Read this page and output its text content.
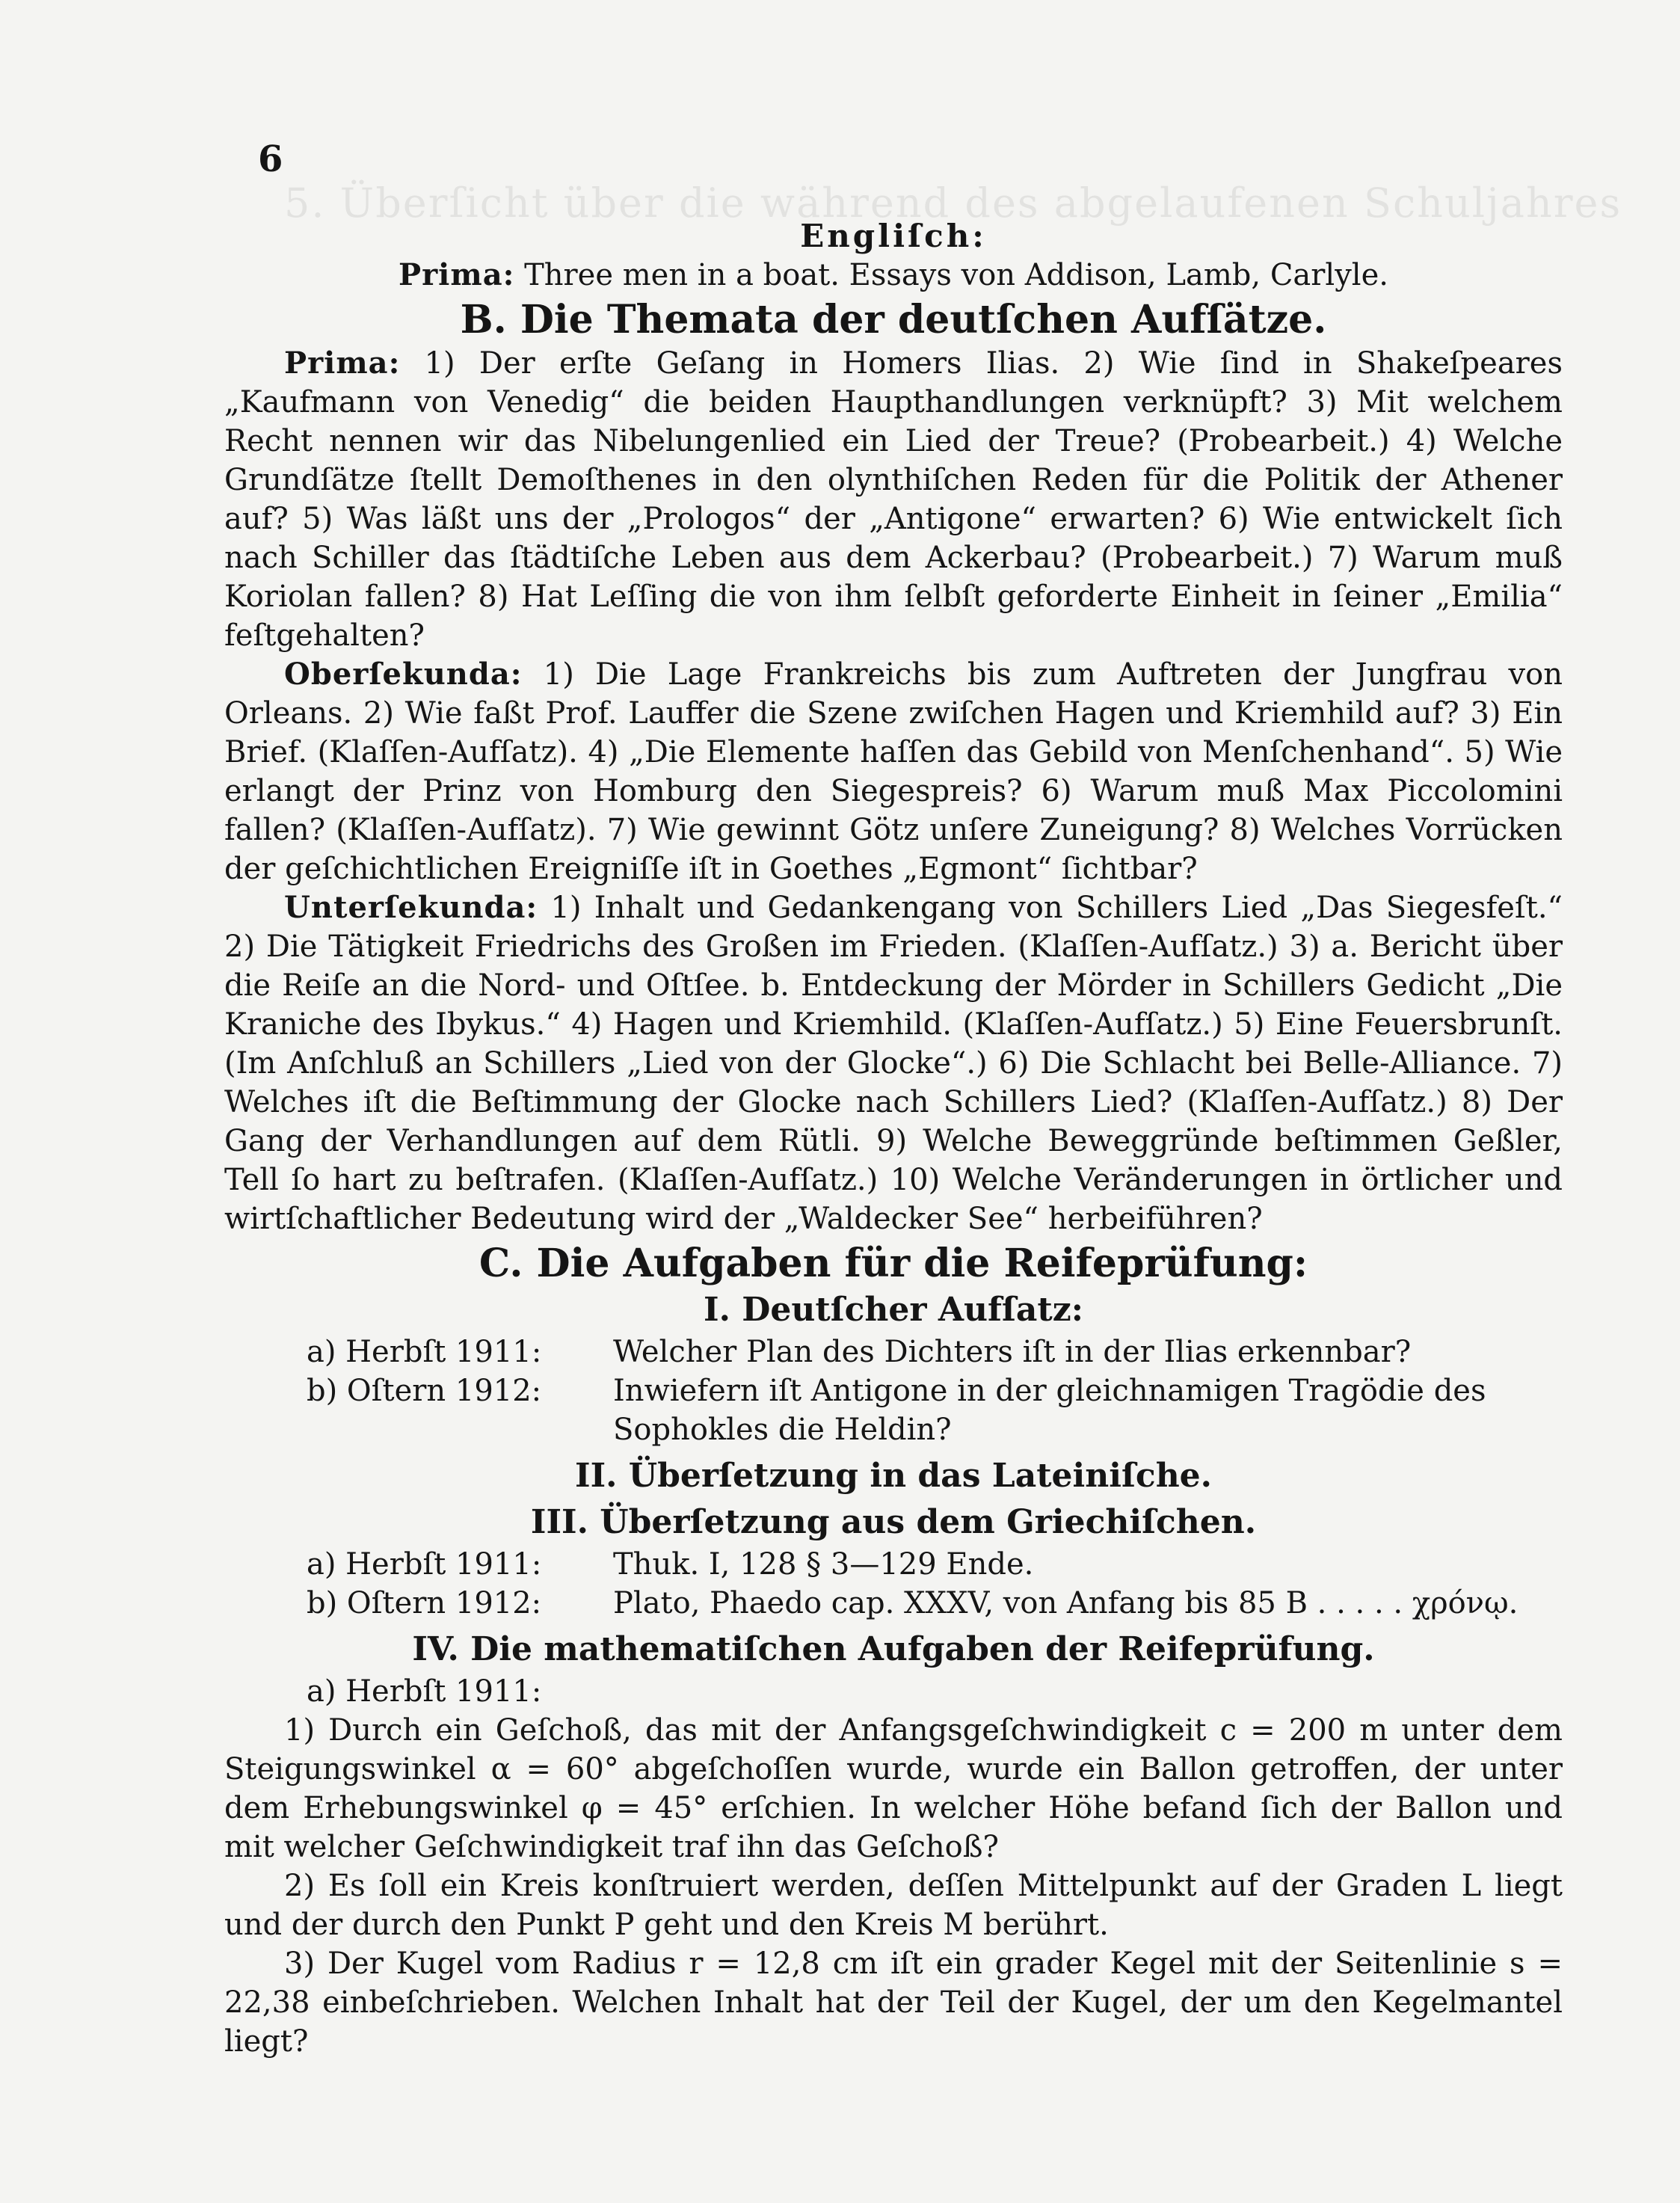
5. Überſicht über die während des abgelaufenen Schuljahres
6
Engliſch:
Prima: Three men in a boat. Essays von Addison, Lamb, Carlyle.
B. Die Themata der deutſchen Aufſätze.

Prima: 1) Der erſte Geſang in Homers Ilias. 2) Wie ſind in Shakeſpeares „Kaufmann von Venedig“ die beiden Haupthandlungen verknüpft? 3) Mit welchem Recht nennen wir das Nibelungenlied ein Lied der Treue? (Probearbeit.) 4) Welche Grundſätze ſtellt Demoſthenes in den olynthiſchen Reden für die Politik der Athener auf? 5) Was läßt uns der „Prologos“ der „Antigone“ erwarten? 6) Wie entwickelt ſich nach Schiller das ſtädtiſche Leben aus dem Ackerbau? (Probearbeit.) 7) Warum muß Koriolan fallen? 8) Hat Leſſing die von ihm ſelbſt geforderte Einheit in ſeiner „Emilia“ feſtgehalten?

Oberſekunda: 1) Die Lage Frankreichs bis zum Auftreten der Jungfrau von Orleans. 2) Wie faßt Prof. Lauffer die Szene zwiſchen Hagen und Kriemhild auf? 3) Ein Brief. (Klaſſen-Aufſatz). 4) „Die Elemente haſſen das Gebild von Menſchenhand“. 5) Wie erlangt der Prinz von Homburg den Siegespreis? 6) Warum muß Max Piccolomini fallen? (Klaſſen-Aufſatz). 7) Wie gewinnt Götz unſere Zuneigung? 8) Welches Vorrücken der geſchichtlichen Ereigniſſe iſt in Goethes „Egmont“ ſichtbar?

Unterſekunda: 1) Inhalt und Gedankengang von Schillers Lied „Das Siegesfeſt.“ 2) Die Tätigkeit Friedrichs des Großen im Frieden. (Klaſſen-Aufſatz.) 3) a. Bericht über die Reiſe an die Nord- und Oſtſee. b. Entdeckung der Mörder in Schillers Gedicht „Die Kraniche des Ibykus.“ 4) Hagen und Kriemhild. (Klaſſen-Aufſatz.) 5) Eine Feuersbrunſt. (Im Anſchluß an Schillers „Lied von der Glocke“.) 6) Die Schlacht bei Belle-Alliance. 7) Welches iſt die Beſtimmung der Glocke nach Schillers Lied? (Klaſſen-Aufſatz.) 8) Der Gang der Verhandlungen auf dem Rütli. 9) Welche Beweggründe beſtimmen Geßler, Tell ſo hart zu beſtrafen. (Klaſſen-Aufſatz.) 10) Welche Veränderungen in örtlicher und wirtſchaftlicher Bedeutung wird der „Waldecker See“ herbeiführen?

C. Die Aufgaben für die Reifeprüfung:
I. Deutſcher Aufſatz:
a) Herbſt 1911:	Welcher Plan des Dichters iſt in der Ilias erkennbar?
b) Oſtern 1912:	Inwiefern iſt Antigone in der gleichnamigen Tragödie des Sophokles die Heldin?
II. Überſetzung in das Lateiniſche.
III. Überſetzung aus dem Griechiſchen.
a) Herbſt 1911:	Thuk. I, 128 § 3—129 Ende.
b) Oſtern 1912:	Plato, Phaedo cap. XXXV, von Anfang bis 85 B . . . . . χρόνῳ.
IV. Die mathematiſchen Aufgaben der Reifeprüfung.
a) Herbſt 1911:

1) Durch ein Geſchoß, das mit der Anfangsgeſchwindigkeit c = 200 m unter dem Steigungswinkel α = 60° abgeſchoſſen wurde, wurde ein Ballon getroffen, der unter dem Erhebungswinkel φ = 45° erſchien. In welcher Höhe befand ſich der Ballon und mit welcher Geſchwindigkeit traf ihn das Geſchoß?

2) Es ſoll ein Kreis konſtruiert werden, deſſen Mittelpunkt auf der Graden L liegt und der durch den Punkt P geht und den Kreis M berührt.

3) Der Kugel vom Radius r = 12,8 cm iſt ein grader Kegel mit der Seitenlinie s = 22,38 einbeſchrieben. Welchen Inhalt hat der Teil der Kugel, der um den Kegelmantel liegt?
